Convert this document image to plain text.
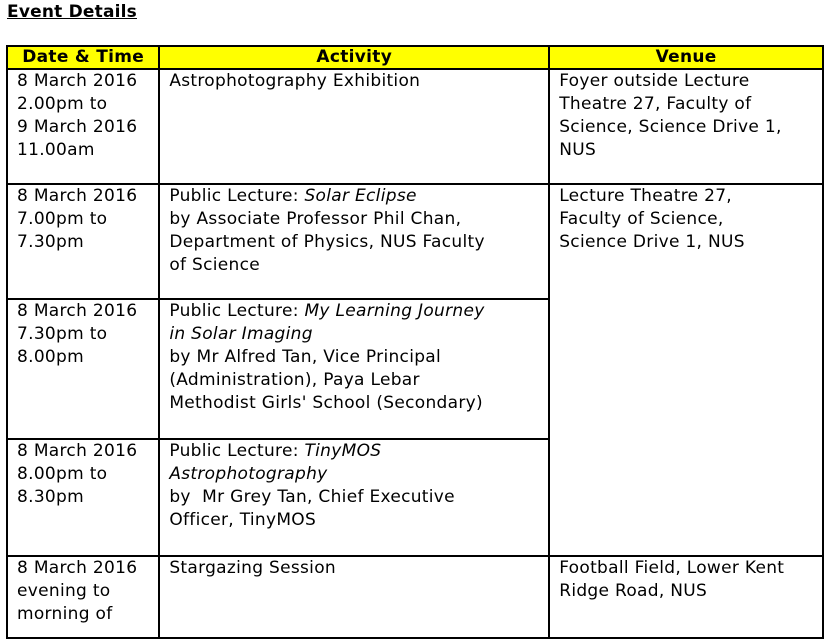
Event Details
Date & Time	Activity	Venue

8 March 2016
2.00pm to
9 March 2016
11.00am	Astrophotography Exhibition	Foyer outside Lecture
Theatre 27, Faculty of
Science, Science Drive 1,
NUS

8 March 2016
7.00pm to
7.30pm	Public Lecture: Solar Eclipse
by Associate Professor Phil Chan,
Department of Physics, NUS Faculty
of Science	Lecture Theatre 27,
Faculty of Science,
Science Drive 1, NUS

8 March 2016
7.30pm to
8.00pm	Public Lecture: My Learning Journey
in Solar Imaging
by Mr Alfred Tan, Vice Principal
(Administration), Paya Lebar
Methodist Girls' School (Secondary)	

8 March 2016
8.00pm to
8.30pm	Public Lecture: TinyMOS
Astrophotography
by  Mr Grey Tan, Chief Executive
Officer, TinyMOS	

8 March 2016
evening to
morning of	Stargazing Session	Football Field, Lower Kent
Ridge Road, NUS
